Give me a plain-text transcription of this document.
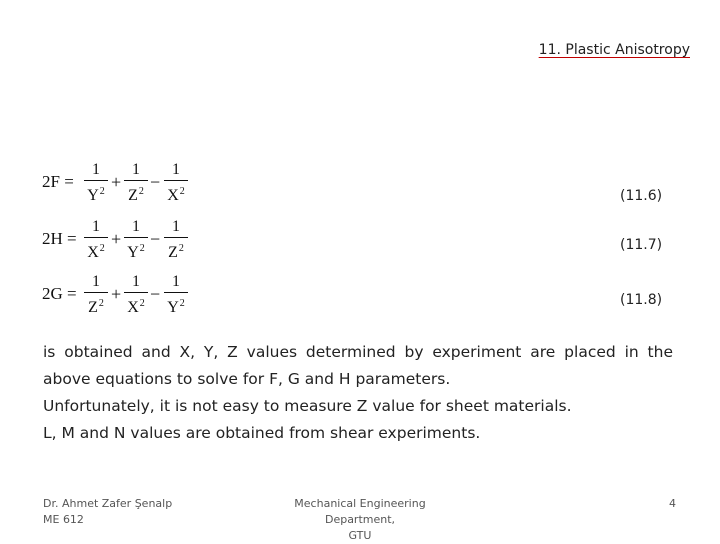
11. Plastic Anisotropy
2F =
1
$Y^2$ +
1
$Z^2$ −
1
$X^2$	(11.6)
2H =
1
$X^2$ +
1
$Y^2$ −
1
$Z^2$	(11.7)
2G =
1
$Z^2$ +
1
$X^2$ −
1
$Y^2$	(11.8)

is obtained and X, Y, Z values determined by experiment are placed in the above equations to solve for F, G and H parameters.

Unfortunately, it is not easy to measure Z value for sheet materials.

L, M and N values are obtained from shear experiments.

Dr. Ahmet Zafer Şenalp
ME 612
Mechanical Engineering Department,
GTU
4
